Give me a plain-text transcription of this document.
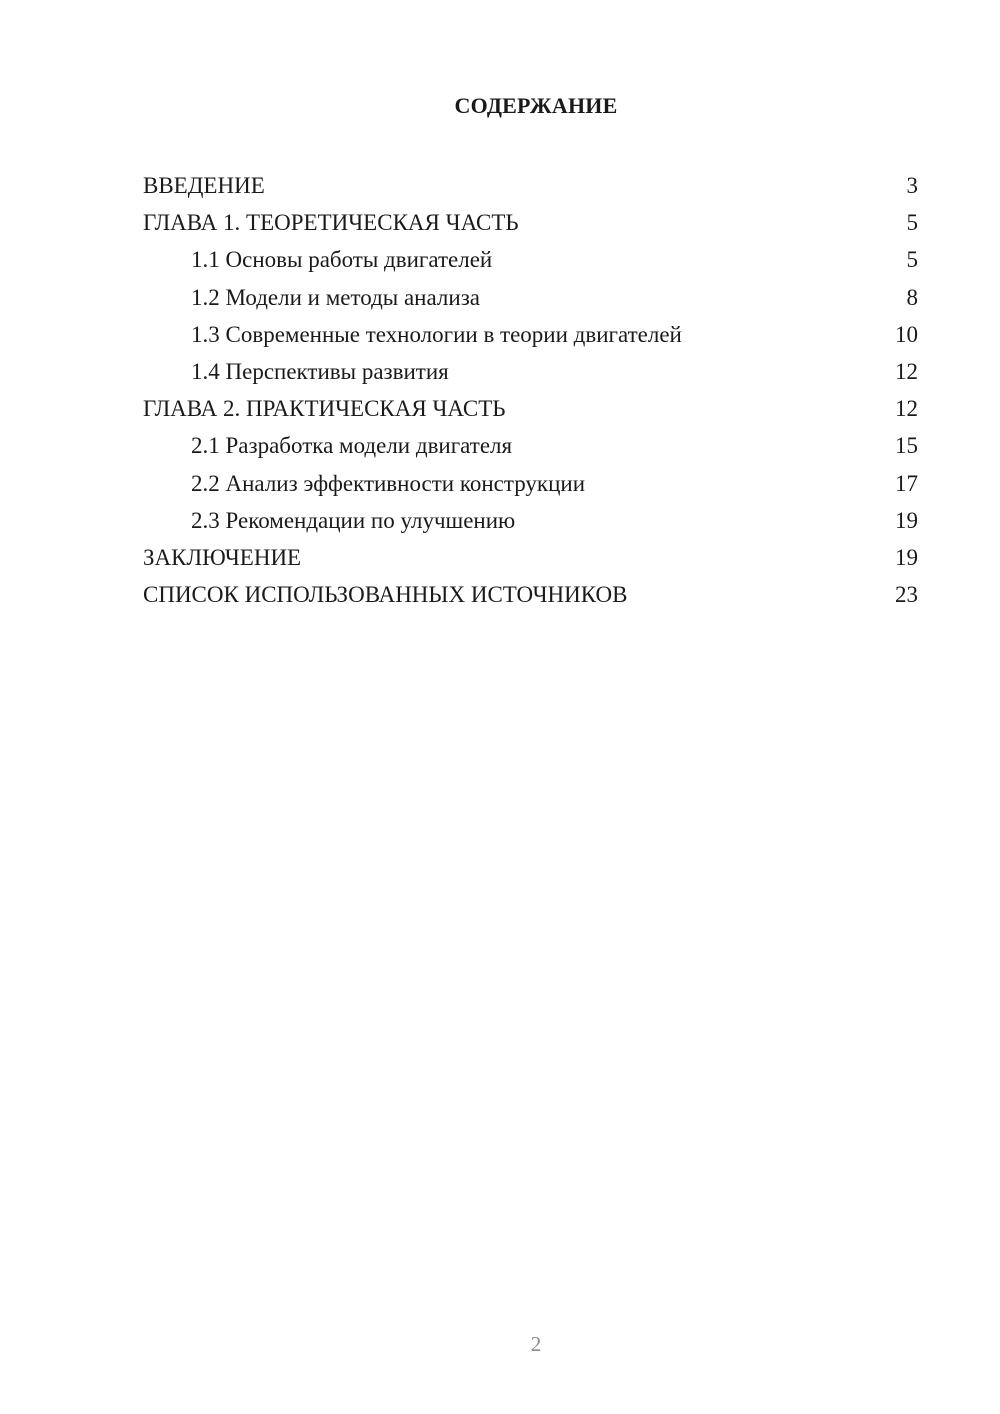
СОДЕРЖАНИЕ
ВВЕДЕНИЕ	3
ГЛАВА 1. ТЕОРЕТИЧЕСКАЯ ЧАСТЬ	5
1.1 Основы работы двигателей	5
1.2 Модели и методы анализа	8
1.3 Современные технологии в теории двигателей	10
1.4 Перспективы развития	12
ГЛАВА 2. ПРАКТИЧЕСКАЯ ЧАСТЬ	12
2.1 Разработка модели двигателя	15
2.2 Анализ эффективности конструкции	17
2.3 Рекомендации по улучшению	19
ЗАКЛЮЧЕНИЕ	19
СПИСОК ИСПОЛЬЗОВАННЫХ ИСТОЧНИКОВ	23
2
